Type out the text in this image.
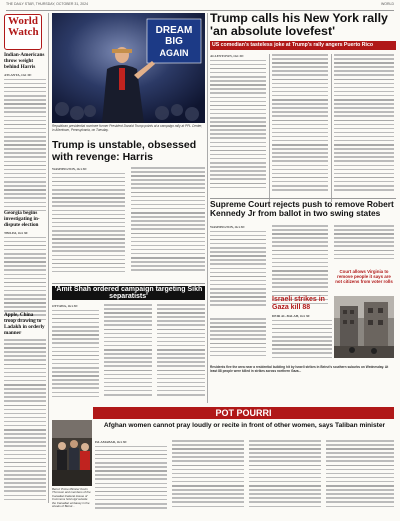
THE DAILY STAR, THURSDAY, OCTOBER 31, 2024	WORLD
World
Watch
Indian-Americans throw weight behind Harris
ATLANTA, Oct 30:
Georgia begins investigating in-dispute election
TBILISI, Oct 30:
Apple, China troop drawing to Ladakh in orderly manner
Trump calls his New York rally 'an absolute lovefest'
US comedian's tasteless joke at Trump's rally angers Puerto Rico
DREAM
BIG
AGAIN
Republican presidential nominee former President Donald Trump points at a campaign rally at PPL Center, in Allentown, Pennsylvania, on Tuesday.
Trump is unstable, obsessed with revenge: Harris
WASHINGTON, Oct 30:
ALLENTOWN, Oct 30:
Supreme Court rejects push to remove Robert Kennedy Jr from ballot in two swing states
WASHINGTON, Oct 30:
Court allows Virginia to remove people it says are not citizens from voter rolls
Israeli strikes in Gaza kill 88
DEIR AL-BALAH, Oct 30:
Residents flee the area near a residential building hit by Israeli strikes in Beirut's southern suburbs on Wednesday. At least 88 people were killed in strikes across northern Gaza...
'Amit Shah ordered campaign targeting Sikh separatists'
OTTAWA, Oct 30:
POT POURRI
Beirut: Prime Minister Kevin Thomson and members of the Canadian Federal House of Commons hold vigil outside the Canadian embassy in the streets of Beirut...
Afghan women cannot pray loudly or recite in front of other women, says Taliban minister
ISLAMABAD, Oct 30:
